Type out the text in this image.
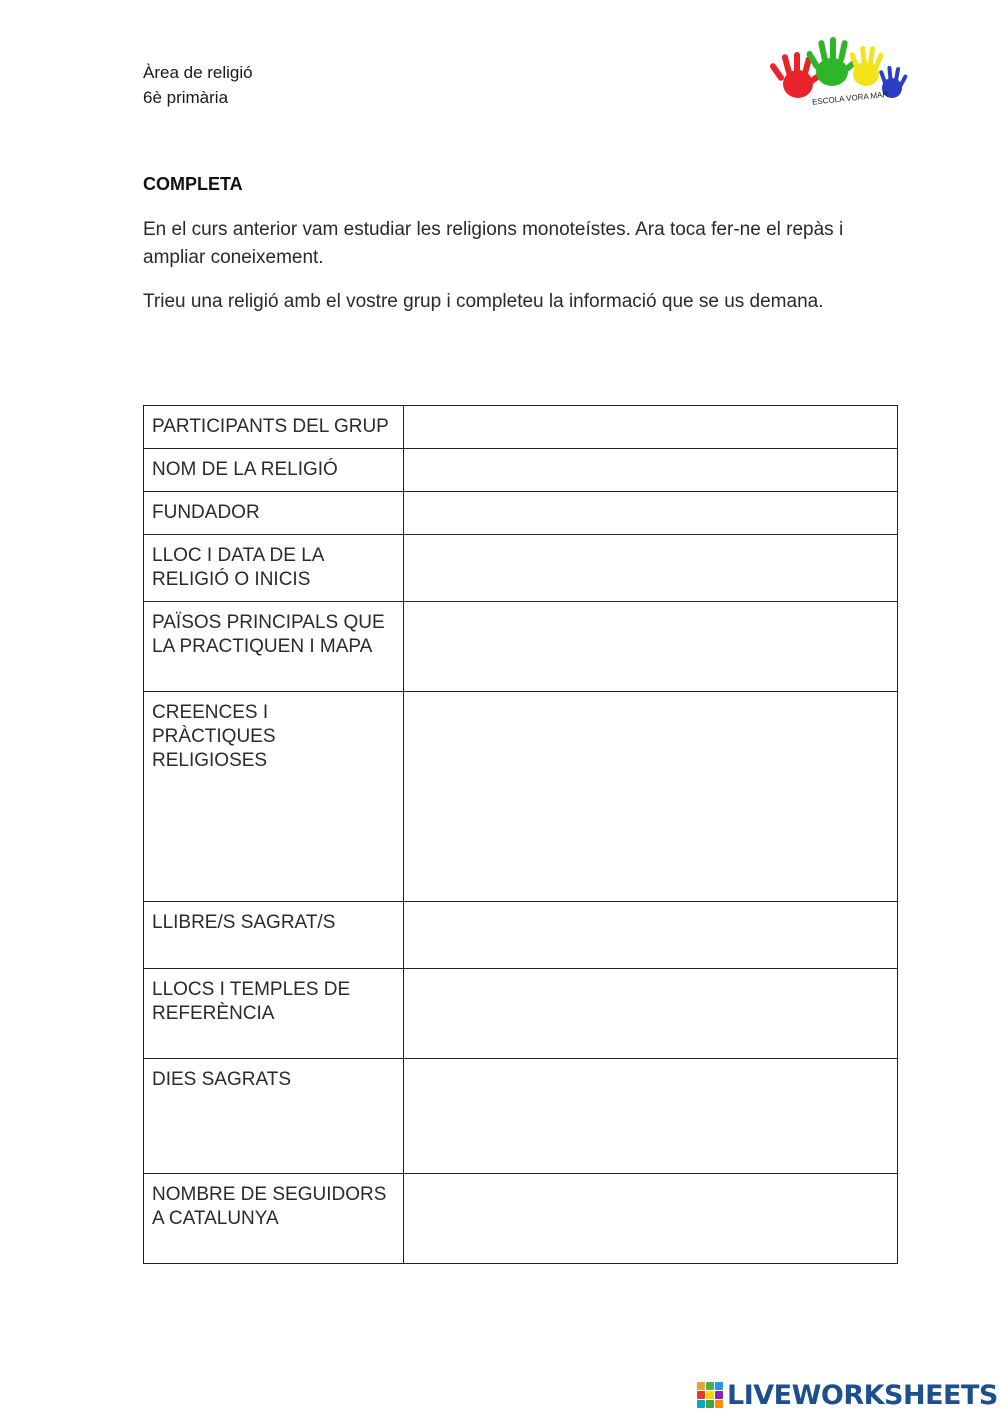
Àrea de religió
6è primària	ESCOLA VORA MAR
COMPLETA
En el curs anterior vam estudiar les religions monoteístes. Ara toca fer-ne el repàs i ampliar coneixement.
Trieu una religió amb el vostre grup i completeu la informació que se us demana.
PARTICIPANTS DEL GRUP	
NOM DE LA RELIGIÓ	
FUNDADOR	
LLOC I DATA DE LA RELIGIÓ O INICIS	
PAÏSOS PRINCIPALS QUE LA PRACTIQUEN I MAPA	
CREENCES I PRÀCTIQUES RELIGIOSES	
LLIBRE/S SAGRAT/S	
LLOCS I TEMPLES DE REFERÈNCIA	
DIES SAGRATS	
NOMBRE DE SEGUIDORS A CATALUNYA	
LIVEWORKSHEETS
